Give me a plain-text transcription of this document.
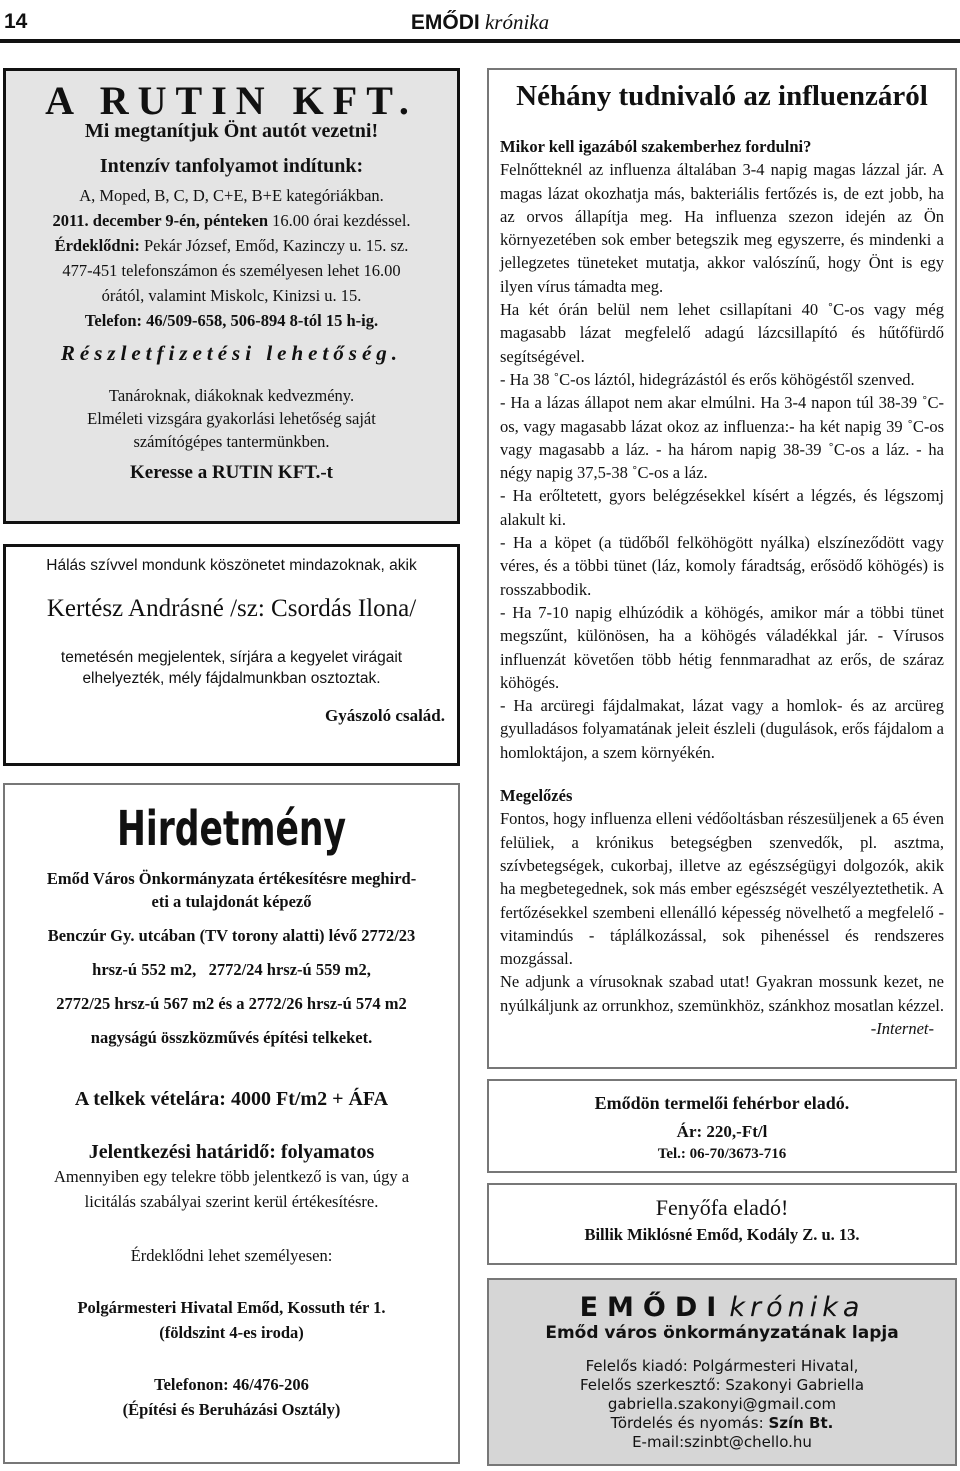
14	EMŐDI krónika
A RUTIN KFT.
Mi megtanítjuk Önt autót vezetni!
Intenzív tanfolyamot indítunk:
A, Moped, B, C, D, C+E, B+E kategóriákban.
2011. december 9-én, pénteken 16.00 órai kezdéssel.
Érdeklődni: Pekár József, Emőd, Kazinczy u. 15. sz.
477-451 telefonszámon és személyesen lehet 16.00
órától, valamint Miskolc, Kinizsi u. 15.
Telefon: 46/509-658, 506-894 8-tól 15 h-ig.
Részletfizetési lehetőség.
Tanároknak, diákoknak kedvezmény.
Elméleti vizsgára gyakorlási lehetőség saját
számítógépes tantermünkben.
Keresse a RUTIN KFT.-t
Hálás szívvel mondunk köszönetet mindazoknak, akik
Kertész Andrásné /sz: Csordás Ilona/
temetésén megjelentek, sírjára a kegyelet virágait
elhelyezték, mély fájdalmunkban osztoztak.
Gyászoló család.
Hirdetmény
Emőd Város Önkormányzata értékesítésre meghird-
eti a tulajdonát képező
Benczúr Gy. utcában (TV torony alatti) lévő 2772/23
hrsz-ú 552 m2,   2772/24 hrsz-ú 559 m2,
2772/25 hrsz-ú 567 m2 és a 2772/26 hrsz-ú 574 m2
nagyságú összközművés építési telkeket.
A telkek vételára: 4000 Ft/m2 + ÁFA
Jelentkezési határidő: folyamatos
Amennyiben egy telekre több jelentkező is van, úgy a
licitálás szabályai szerint kerül értékesítésre.
Érdeklődni lehet személyesen:
Polgármesteri Hivatal Emőd, Kossuth tér 1.
(földszint 4-es iroda)
Telefonon: 46/476-206
(Építési és Beruházási Osztály)
Néhány tudnivaló az influenzáról

Mikor kell igazából szakemberhez fordulni?

Felnőtteknél az influenza általában 3-4 napig magas lázzal jár. A magas lázat okozhatja más, bakteriális fertőzés is, de ezt jobb, ha az orvos állapítja meg. Ha influenza szezon idején az Ön környezetében sok ember betegszik meg egyszerre, és mindenki a jellegzetes tüneteket mutatja, akkor valószínű, hogy Önt is egy ilyen vírus támadta meg.

Ha két órán belül nem lehet csillapítani 40 ˚C-os vagy még magasabb lázat megfelelő adagú lázcsillapító és hűtőfürdő segítségével.

- Ha 38 ˚C-os láztól, hidegrázástól és erős köhögéstől szenved.

- Ha a lázas állapot nem akar elmúlni. Ha 3-4 napon túl 38-39 ˚C-os, vagy magasabb lázat okoz az influenza:- ha két napig 39 ˚C-os vagy magasabb a láz. - ha három napig 38-39 ˚C-os a láz. - ha négy napig 37,5-38 ˚C-os a láz.

- Ha erőltetett, gyors belégzésekkel kísért a légzés, és légszomj alakult ki.

- Ha a köpet (a tüdőből felköhögött nyálka) elszíneződött vagy véres, és a többi tünet (láz, komoly fáradtság, erősödő köhögés) is rosszabbodik.

- Ha 7-10 napig elhúzódik a köhögés, amikor már a többi tünet megszűnt, különösen, ha a köhögés váladékkal jár. - Vírusos influenzát követően több hétig fennmaradhat az erős, de száraz köhögés.

- Ha arcüregi fájdalmakat, lázat vagy a homlok- és az arcüreg gyulladásos folyamatának jeleit észleli (dugulások, erős fájdalom a homloktájon, a szem környékén.

Megelőzés

Fontos, hogy influenza elleni védőoltásban részesüljenek a 65 éven felüliek, a krónikus betegségben szenvedők, pl. asztma, szívbetegségek, cukorbaj, illetve az egészségügyi dolgozók, akik ha megbetegednek, sok más ember egészségét veszélyeztethetik. A fertőzésekkel szembeni ellenálló képesség növelhető a megfelelő - vitamindús - táplálkozással, sok pihenéssel és rendszeres mozgással.

Ne adjunk a vírusoknak szabad utat! Gyakran mossunk kezet, ne nyúlkáljunk az orrunkhoz, szemünkhöz, szánkhoz mosatlan kézzel.

-Internet-

Emődön termelői fehérbor eladó.
Ár: 220,-Ft/l
Tel.: 06-70/3673-716
Fenyőfa eladó!
Billik Miklósné Emőd, Kodály Z. u. 13.
EMŐDI krónika
Emőd város önkormányzatának lapja
Felelős kiadó: Polgármesteri Hivatal,
Felelős szerkesztő: Szakonyi Gabriella
gabriella.szakonyi@gmail.com
Tördelés és nyomás: Szín Bt.
E-mail:szinbt@chello.hu
